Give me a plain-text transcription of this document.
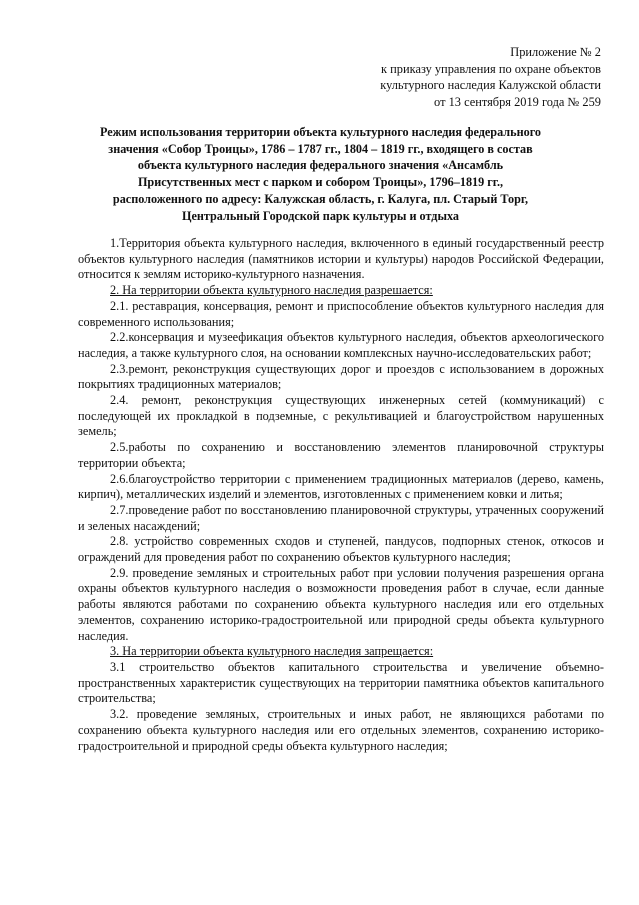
Приложение № 2
к приказу управления по охране объектов
культурного наследия Калужской области
от 13 сентября 2019 года № 259
Режим использования территории объекта культурного наследия федерального
значения «Собор Троицы», 1786 – 1787 гг., 1804 – 1819 гг., входящего в состав
объекта культурного наследия федерального значения «Ансамбль
Присутственных мест с парком и собором Троицы», 1796–1819 гг.,
расположенного по адресу: Калужская область, г. Калуга, пл. Старый Торг,
Центральный Городской парк культуры и отдыха

1.Территория объекта культурного наследия, включенного в единый государственный реестр объектов культурного наследия (памятников истории и культуры) народов Российской Федерации, относится к землям историко-культурного назначения.

2. На территории объекта культурного наследия разрешается:

2.1. реставрация, консервация, ремонт и приспособление объектов культурного наследия для современного использования;

2.2.консервация и музеефикация объектов культурного наследия, объектов археологического наследия, а также культурного слоя, на основании комплексных научно-исследовательских работ;

2.3.ремонт, реконструкция существующих дорог и проездов с использованием в дорожных покрытиях традиционных материалов;

2.4. ремонт, реконструкция существующих инженерных сетей (коммуникаций) с последующей их прокладкой в подземные, с рекультивацией и благоустройством нарушенных земель;

2.5.работы по сохранению и восстановлению элементов планировочной структуры территории объекта;

2.6.благоустройство территории с применением традиционных материалов (дерево, камень, кирпич), металлических изделий и элементов, изготовленных с применением ковки и литья;

2.7.проведение работ по восстановлению планировочной структуры, утраченных сооружений и зеленых насаждений;

2.8. устройство современных сходов и ступеней, пандусов, подпорных стенок, откосов и ограждений для проведения работ по сохранению объектов культурного наследия;

2.9. проведение земляных и строительных работ при условии получения разрешения органа охраны объектов культурного наследия о возможности проведения работ в случае, если данные работы являются работами по сохранению объекта культурного наследия или его отдельных элементов, сохранению историко-градостроительной или природной среды объекта культурного наследия.

3. На территории объекта культурного наследия запрещается:

3.1 строительство объектов капитального строительства и увеличение объемно-пространственных характеристик существующих на территории памятника объектов капитального строительства;

3.2. проведение земляных, строительных и иных работ, не являющихся работами по сохранению объекта культурного наследия или его отдельных элементов, сохранению историко-градостроительной и природной среды объекта культурного наследия;
